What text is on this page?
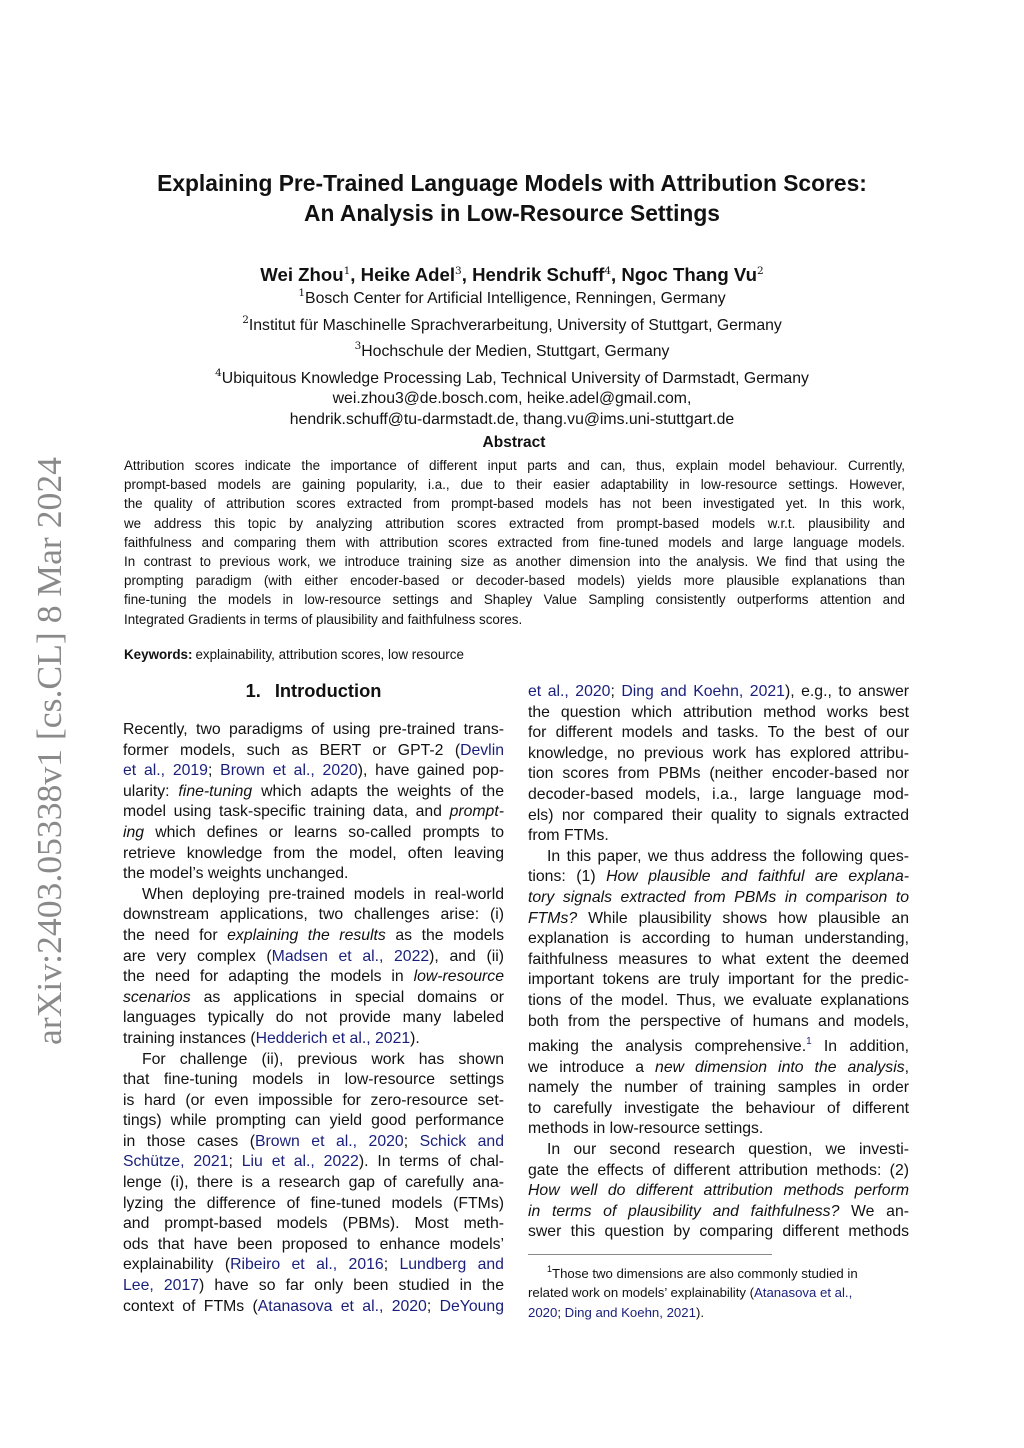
arXiv:2403.05338v1 [cs.CL] 8 Mar 2024
Explaining Pre-Trained Language Models with Attribution Scores:
An Analysis in Low-Resource Settings
Wei Zhou$^1$, Heike Adel$^3$, Hendrik Schuff$^4$, Ngoc Thang Vu$^2$
$^1$Bosch Center for Artificial Intelligence, Renningen, Germany
$^2$Institut für Maschinelle Sprachverarbeitung, University of Stuttgart, Germany
$^3$Hochschule der Medien, Stuttgart, Germany
$^4$Ubiquitous Knowledge Processing Lab, Technical University of Darmstadt, Germany
wei.zhou3@de.bosch.com, heike.adel@gmail.com,
hendrik.schuff@tu-darmstadt.de, thang.vu@ims.uni-stuttgart.de
Abstract
Attribution scores indicate the importance of different input parts and can, thus, explain model behaviour. Currently,
prompt-based models are gaining popularity, i.a., due to their easier adaptability in low-resource settings. However,
the quality of attribution scores extracted from prompt-based models has not been investigated yet. In this work,
we address this topic by analyzing attribution scores extracted from prompt-based models w.r.t. plausibility and
faithfulness and comparing them with attribution scores extracted from fine-tuned models and large language models.
In contrast to previous work, we introduce training size as another dimension into the analysis. We find that using the
prompting paradigm (with either encoder-based or decoder-based models) yields more plausible explanations than
fine-tuning the models in low-resource settings and Shapley Value Sampling consistently outperforms attention and
Integrated Gradients in terms of plausibility and faithfulness scores.
Keywords: explainability, attribution scores, low resource
1. Introduction
Recently, two paradigms of using pre-trained trans-
former models, such as BERT or GPT-2 (Devlin
et al., 2019; Brown et al., 2020), have gained pop-
ularity: fine-tuning which adapts the weights of the
model using task-specific training data, and prompt-
ing which defines or learns so-called prompts to
retrieve knowledge from the model, often leaving
the model’s weights unchanged.
When deploying pre-trained models in real-world
downstream applications, two challenges arise: (i)
the need for explaining the results as the models
are very complex (Madsen et al., 2022), and (ii)
the need for adapting the models in low-resource
scenarios as applications in special domains or
languages typically do not provide many labeled
training instances (Hedderich et al., 2021).
For challenge (ii), previous work has shown
that fine-tuning models in low-resource settings
is hard (or even impossible for zero-resource set-
tings) while prompting can yield good performance
in those cases (Brown et al., 2020; Schick and
Schütze, 2021; Liu et al., 2022). In terms of chal-
lenge (i), there is a research gap of carefully ana-
lyzing the difference of fine-tuned models (FTMs)
and prompt-based models (PBMs). Most meth-
ods that have been proposed to enhance models’
explainability (Ribeiro et al., 2016; Lundberg and
Lee, 2017) have so far only been studied in the
context of FTMs (Atanasova et al., 2020; DeYoung
et al., 2020; Ding and Koehn, 2021), e.g., to answer
the question which attribution method works best
for different models and tasks. To the best of our
knowledge, no previous work has explored attribu-
tion scores from PBMs (neither encoder-based nor
decoder-based models, i.a., large language mod-
els) nor compared their quality to signals extracted
from FTMs.
In this paper, we thus address the following ques-
tions: (1) How plausible and faithful are explana-
tory signals extracted from PBMs in comparison to
FTMs? While plausibility shows how plausible an
explanation is according to human understanding,
faithfulness measures to what extent the deemed
important tokens are truly important for the predic-
tions of the model. Thus, we evaluate explanations
both from the perspective of humans and models,
making the analysis comprehensive.$^1$ In addition,
we introduce a new dimension into the analysis,
namely the number of training samples in order
to carefully investigate the behaviour of different
methods in low-resource settings.
In our second research question, we investi-
gate the effects of different attribution methods: (2)
How well do different attribution methods perform
in terms of plausibility and faithfulness? We an-
swer this question by comparing different methods
$^1$Those two dimensions are also commonly studied in
related work on models’ explainability (Atanasova et al.,
2020; Ding and Koehn, 2021).
